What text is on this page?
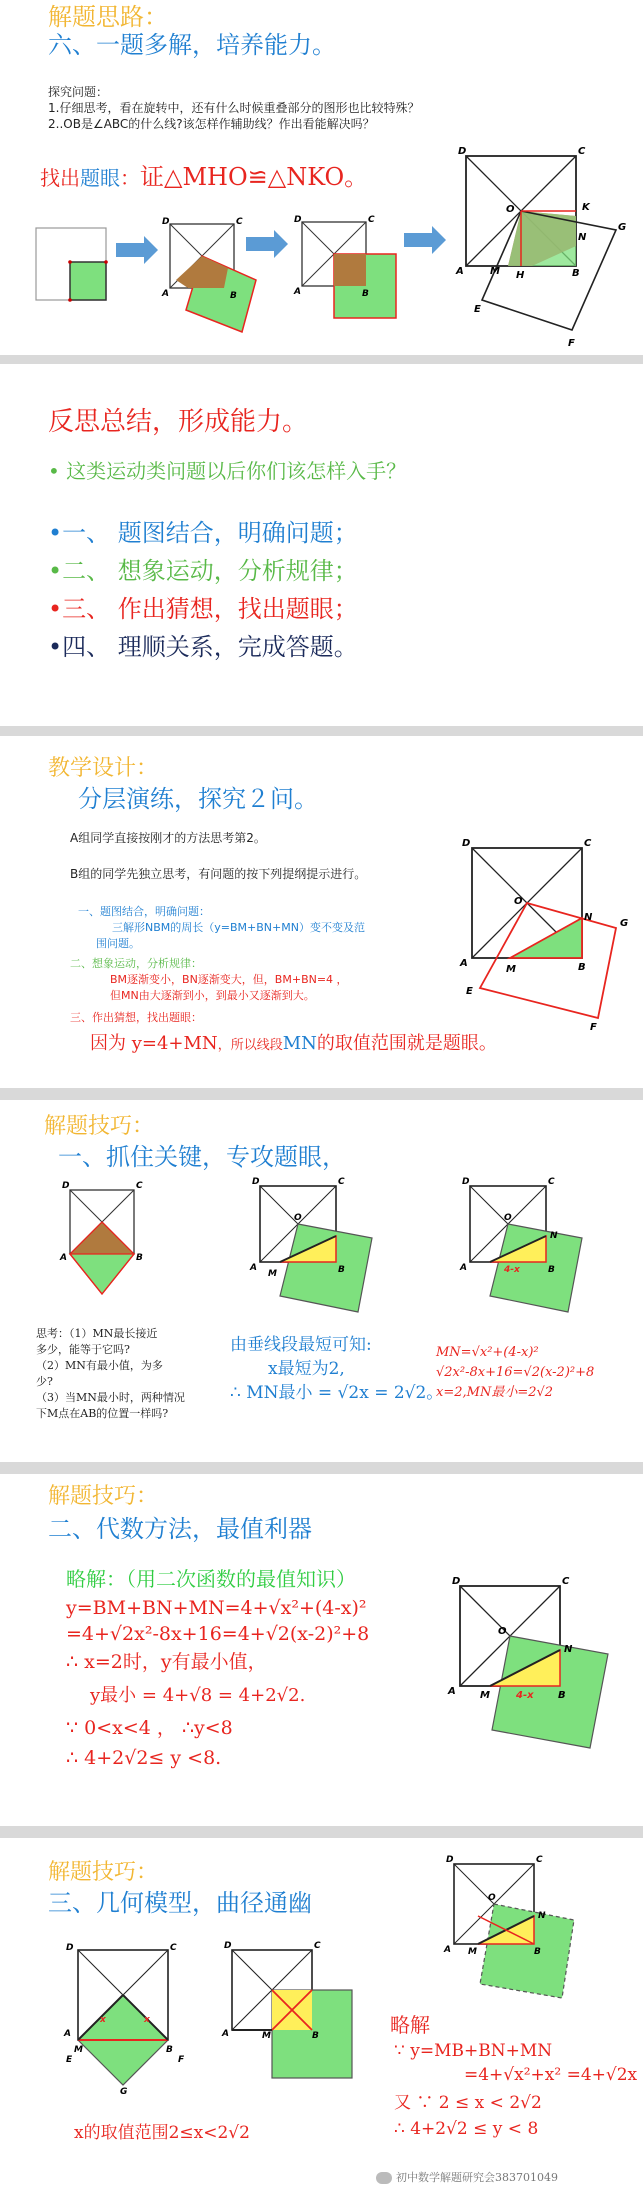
解题思路：
六、一题多解，培养能力。
探究问题：
1.仔细思考，看在旋转中，还有什么时候重叠部分的图形也比较特殊？
2..OB是∠ABC的什么线?该怎样作辅助线？作出看能解决吗？
找出题眼：证△MHO≌△NKO。
D	C
A	B
D	C
A	B
D	C
A
O	K
N
M H	B
G
E
F
反思总结，形成能力。
• 这类运动类问题以后你们该怎样入手？
•一、 题图结合，明确问题；
•二、 想象运动，分析规律；
•三、 作出猜想，找出题眼；
•四、 理顺关系，完成答题。
教学设计：
分层演练，探究２问。
A组同学直接按刚才的方法思考第2。
B组的同学先独立思考，有问题的按下列提纲提示进行。
一、题图结合，明确问题：
三解形NBM的周长（y=BM+BN+MN）变不变及范
围问题。
二、想象运动，分析规律：
BM逐渐变小，BN逐渐变大，但，BM+BN=4 ，
但MN由大逐渐到小，到最小又逐渐到大。
三、作出猜想，找出题眼：
因为 y=4+MN，所以线段MN的取值范围就是题眼。
D	C
O
A
M	B
N
G
E
F
解题技巧：
一、抓住关键，专攻题眼，
D	C
A	B
D	C
A	B
O
M
D	C
A	B
O
N
4-x
思考：（1）MN最长接近
多少，能等于它吗?
（2）MN有最小值，为多
少?
（3）当MN最小时，两种情况
下M点在AB的位置一样吗?
由垂线段最短可知:
x最短为2,
∴ MN最小 = √2x = 2√2。
MN=√x²+(4-x)²
√2x²-8x+16=√2(x-2)²+8
x=2,MN最小=2√2
解题技巧：
二、代数方法，最值利器
略解：（用二次函数的最值知识）
y=BM+BN+MN=4+√x²+(4-x)²
=4+√2x²-8x+16=4+√2(x-2)²+8
∴ x=2时，y有最小值，
y最小 = 4+√8 = 4+2√2.
∵ 0<x<4 ， ∴y<8
∴ 4+2√2≤ y <8.
D	C
O
A M	B
N
4-x
解题技巧：
三、几何模型，曲径通幽
D	C
A
M	B
E	F
G
x	x
D	C
A	B
M
D	C
A	B
O
M
N
略解
∵ y=MB+BN+MN
=4+√x²+x² =4+√2x
又 ∵ 2 ≤ x < 2√2
∴ 4+2√2 ≤ y < 8
x的取值范围2≤x<2√2
初中数学解题研究会383701049
